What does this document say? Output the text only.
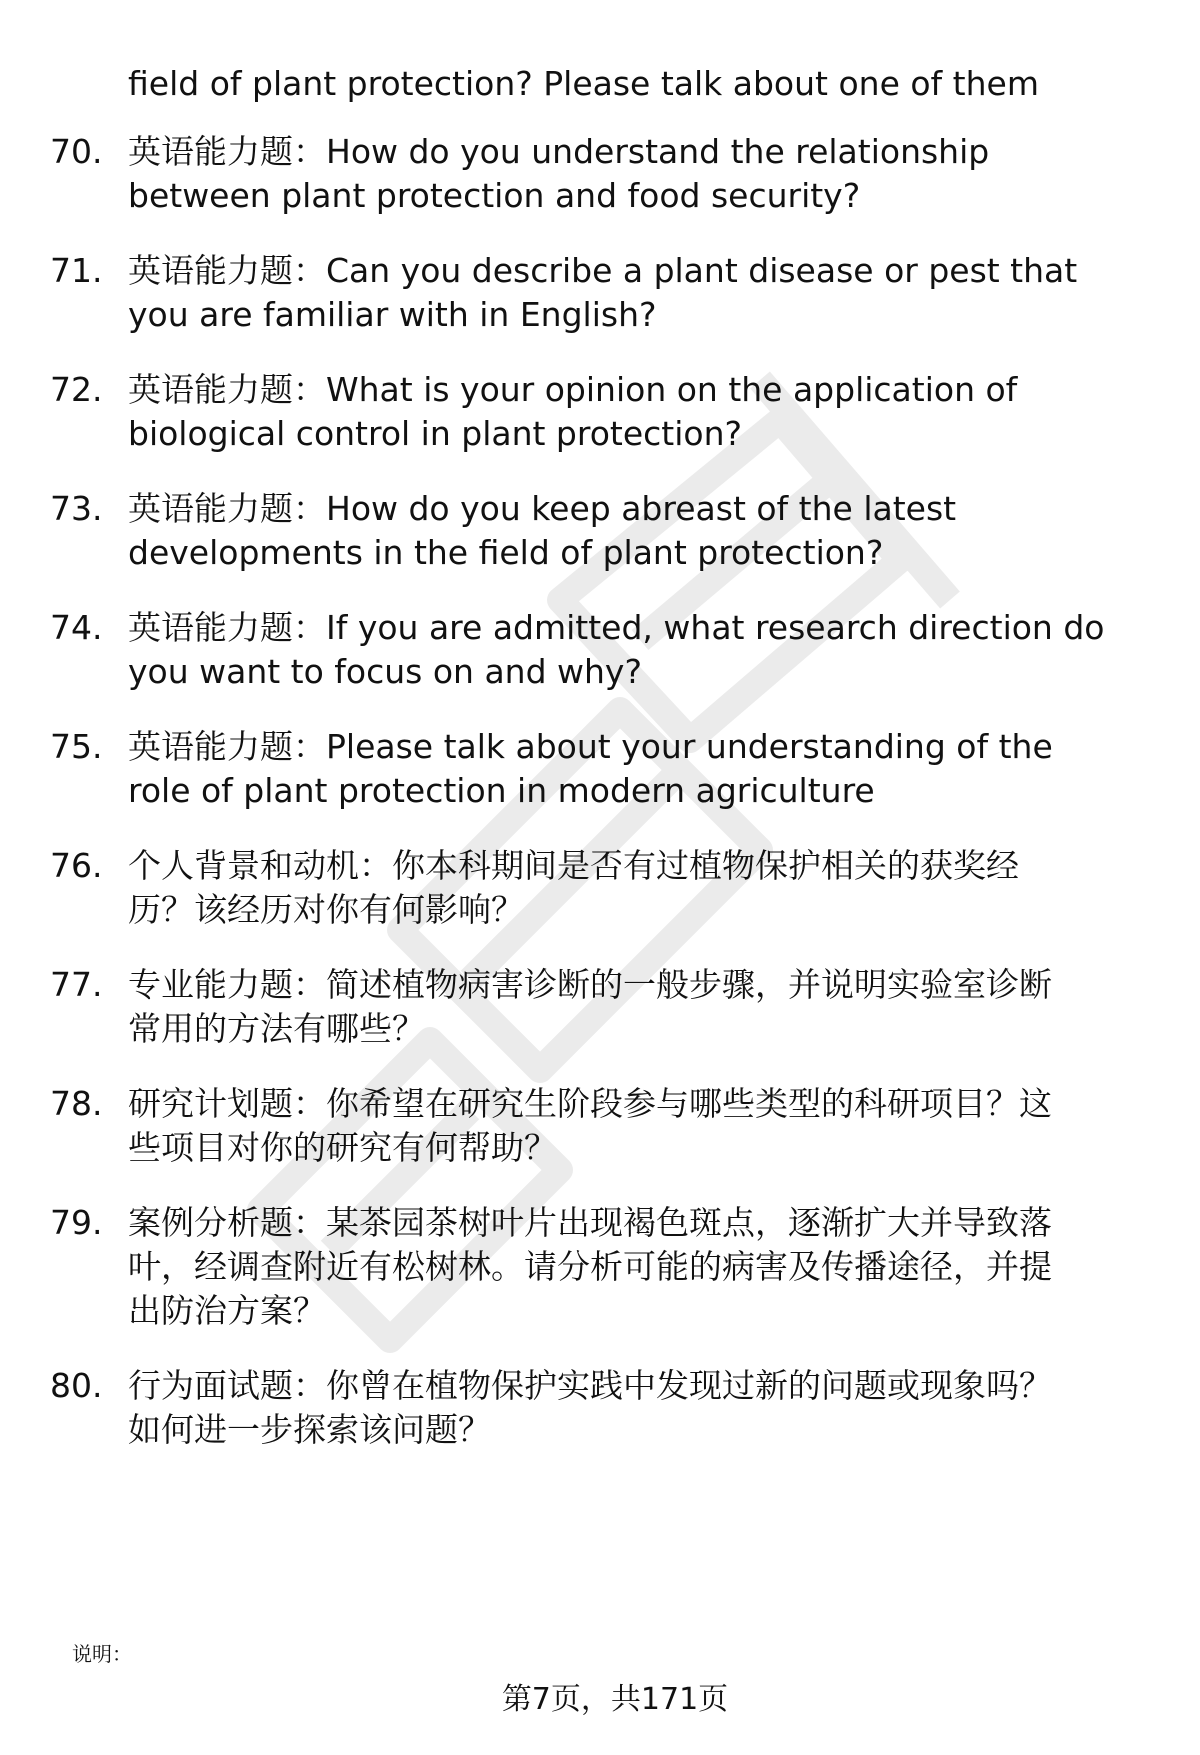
field of plant protection? Please talk about one of them
70. 英语能力题：How do you understand the relationship
between plant protection and food security?
71. 英语能力题：Can you describe a plant disease or pest that
you are familiar with in English?
72. 英语能力题：What is your opinion on the application of
biological control in plant protection?
73. 英语能力题：How do you keep abreast of the latest
developments in the field of plant protection?
74. 英语能力题：If you are admitted, what research direction do
you want to focus on and why?
75. 英语能力题：Please talk about your understanding of the
role of plant protection in modern agriculture
76. 个人背景和动机：你本科期间是否有过植物保护相关的获奖经
历？该经历对你有何影响？
77. 专业能力题：简述植物病害诊断的一般步骤，并说明实验室诊断
常用的方法有哪些？
78. 研究计划题：你希望在研究生阶段参与哪些类型的科研项目？这
些项目对你的研究有何帮助？
79. 案例分析题：某茶园茶树叶片出现褐色斑点，逐渐扩大并导致落
叶，经调查附近有松树林。请分析可能的病害及传播途径，并提
出防治方案？
80. 行为面试题：你曾在植物保护实践中发现过新的问题或现象吗？
如何进一步探索该问题？
说明：
第7页，共171页
